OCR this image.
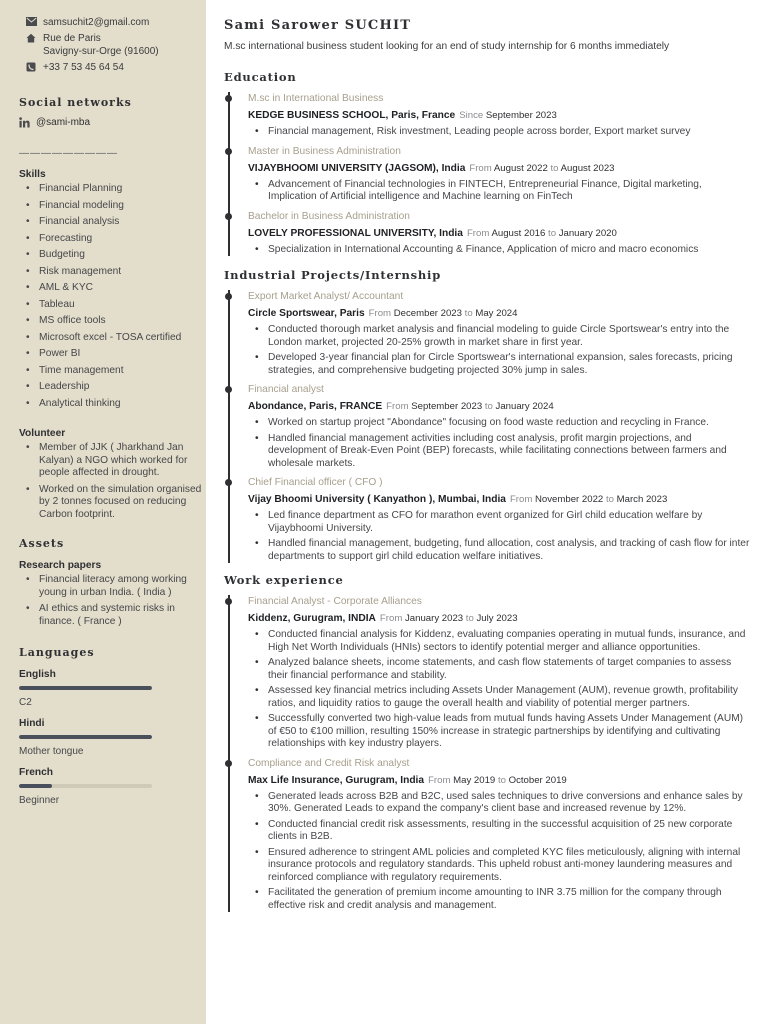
samsuchit2@gmail.com
Rue de Paris
Savigny-sur-Orge (91600)
+33 7 53 45 64 54
Social networks
@sami-mba
—————————
Skills
• Financial Planning
• Financial modeling
• Financial analysis
• Forecasting
• Budgeting
• Risk management
• AML & KYC
• Tableau
• MS office tools
• Microsoft excel - TOSA certified
• Power BI
• Time management
• Leadership
• Analytical thinking
Volunteer
• Member of JJK ( Jharkhand Jan Kalyan) a NGO which worked for people affected in drought.
• Worked on the simulation organised by 2 tonnes focused on reducing Carbon footprint.
Assets
Research papers
• Financial literacy among working young in urban India. ( India )
• AI ethics and systemic risks in finance. ( France )
Languages
English
C2
Hindi
Mother tongue
French
Beginner
Sami Sarower SUCHIT
M.sc international business student looking for an end of study internship for 6 months immediately
Education
M.sc in International Business
KEDGE BUSINESS SCHOOL, Paris, France Since September 2023
• Financial management, Risk investment, Leading people across border, Export market survey
Master in Business Administration
VIJAYBHOOMI UNIVERSITY (JAGSOM), India From August 2022 to August 2023
• Advancement of Financial technologies in FINTECH, Entrepreneurial Finance, Digital marketing, Implication of Artificial intelligence and Machine learning on FinTech
Bachelor in Business Administration
LOVELY PROFESSIONAL UNIVERSITY, India From August 2016 to January 2020
• Specialization in International Accounting & Finance, Application of micro and macro economics
Industrial Projects/Internship
Export Market Analyst/ Accountant
Circle Sportswear, Paris From December 2023 to May 2024
• Conducted thorough market analysis and financial modeling to guide Circle Sportswear's entry into the London market, projected 20-25% growth in market share in first year.
• Developed 3-year financial plan for Circle Sportswear's international expansion, sales forecasts, pricing strategies, and comprehensive budgeting projected 30% jump in sales.
Financial analyst
Abondance, Paris, FRANCE From September 2023 to January 2024
• Worked on startup project "Abondance" focusing on food waste reduction and recycling in France.
• Handled financial management activities including cost analysis, profit margin projections, and development of Break-Even Point (BEP) forecasts, while facilitating connections between farmers and wholesale markets.
Chief Financial officer ( CFO )
Vijay Bhoomi University ( Kanyathon ), Mumbai, India From November 2022 to March 2023
• Led finance department as CFO for marathon event organized for Girl child education welfare by Vijaybhoomi University.
• Handled financial management, budgeting, fund allocation, cost analysis, and tracking of cash flow for inter departments to support girl child education welfare initiatives.
Work experience
Financial Analyst - Corporate Alliances
Kiddenz, Gurugram, INDIA From January 2023 to July 2023
• Conducted financial analysis for Kiddenz, evaluating companies operating in mutual funds, insurance, and High Net Worth Individuals (HNIs) sectors to identify potential merger and alliance opportunities.
• Analyzed balance sheets, income statements, and cash flow statements of target companies to assess their financial performance and stability.
• Assessed key financial metrics including Assets Under Management (AUM), revenue growth, profitability ratios, and liquidity ratios to gauge the overall health and viability of potential merger partners.
• Successfully converted two high-value leads from mutual funds having Assets Under Management (AUM) of €50 to €100 million, resulting 150% increase in strategic partnerships by identifying and cultivating relationships with key industry players.
Compliance and Credit Risk analyst
Max Life Insurance, Gurugram, India From May 2019 to October 2019
• Generated leads across B2B and B2C, used sales techniques to drive conversions and enhance sales by 30%. Generated Leads to expand the company's client base and increased revenue by 12%.
• Conducted financial credit risk assessments, resulting in the successful acquisition of 25 new corporate clients in B2B.
• Ensured adherence to stringent AML policies and completed KYC files meticulously, aligning with internal insurance protocols and regulatory standards. This upheld robust anti-money laundering measures and reinforced compliance with regulatory requirements.
• Facilitated the generation of premium income amounting to INR 3.75 million for the company through effective risk and credit analysis and management.
